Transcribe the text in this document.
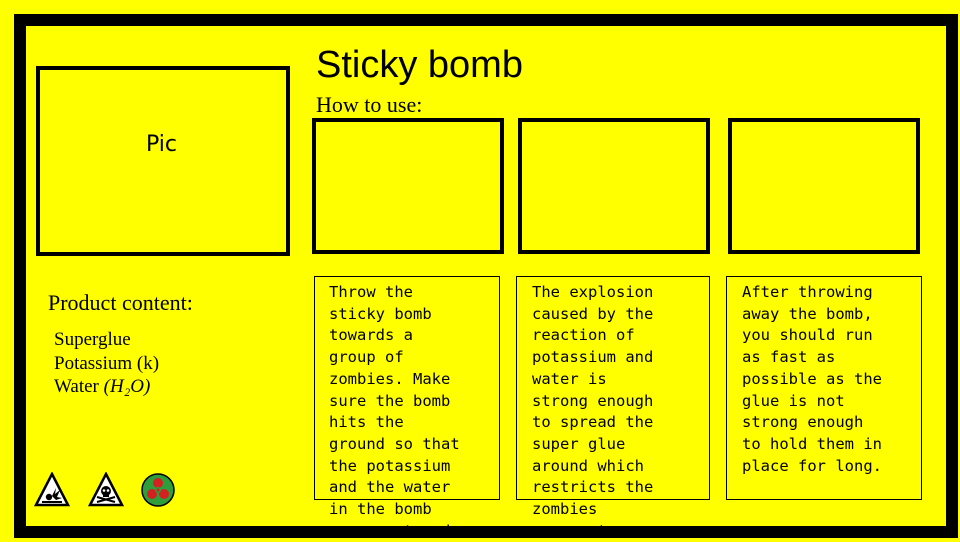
Sticky bomb
How to use:
Pic
Throw the
sticky bomb
towards a
group of
zombies. Make
sure the bomb
hits the
ground so that
the potassium
and the water
in the bomb
can react and
The explosion
caused by the
reaction of
potassium and
water is
strong enough
to spread the
super glue
around which
restricts the
zombies
movement.
After throwing
away the bomb,
you should run
as fast as
possible as the
glue is not
strong enough
to hold them in
place for long.
Product content:
Superglue
Potassium (k)
Water (H₂O)
